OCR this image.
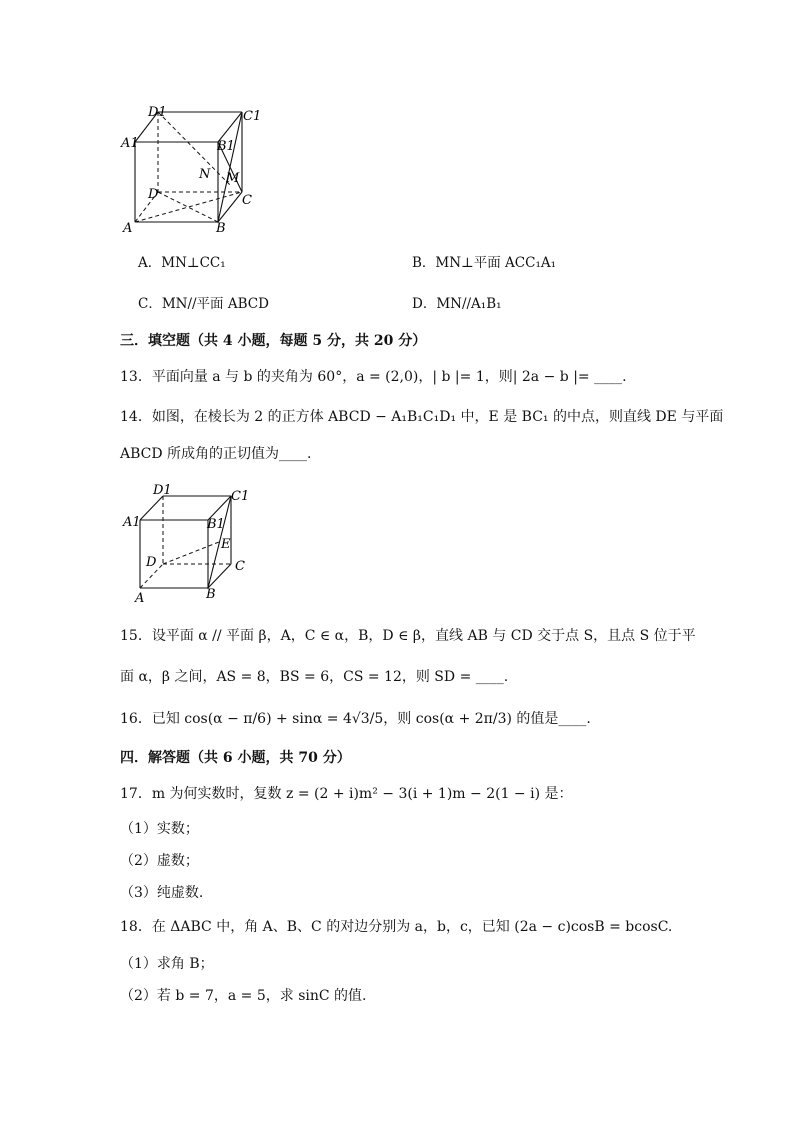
D1	C1
A1	B1
N M
D	C
A	B
A．MN⊥CC₁	B．MN⊥平面 ACC₁A₁
C．MN//平面 ABCD	D．MN//A₁B₁
三．填空题（共 4 小题，每题 5 分，共 20 分）
13．平面向量 a 与 b 的夹角为 60°，a = (2,0)，| b |= 1，则| 2a − b |= ____.
14．如图，在棱长为 2 的正方体 ABCD − A₁B₁C₁D₁ 中，E 是 BC₁ 的中点，则直线 DE 与平面
ABCD 所成角的正切值为____.
D1	C1
A1	B1
E
D	C
A	B
15．设平面 α // 平面 β，A，C ∈ α，B，D ∈ β，直线 AB 与 CD 交于点 S，且点 S 位于平
面 α，β 之间，AS = 8，BS = 6，CS = 12，则 SD = ____.
16．已知 cos(α − π/6) + sinα = 4√3/5，则 cos(α + 2π/3) 的值是____.
四．解答题（共 6 小题，共 70 分）
17．m 为何实数时，复数 z = (2 + i)m² − 3(i + 1)m − 2(1 − i) 是：
（1）实数；
（2）虚数；
（3）纯虚数.
18．在 ΔABC 中，角 A、B、C 的对边分别为 a，b，c，已知 (2a − c)cosB = bcosC.
（1）求角 B；
（2）若 b = 7，a = 5，求 sinC 的值.
